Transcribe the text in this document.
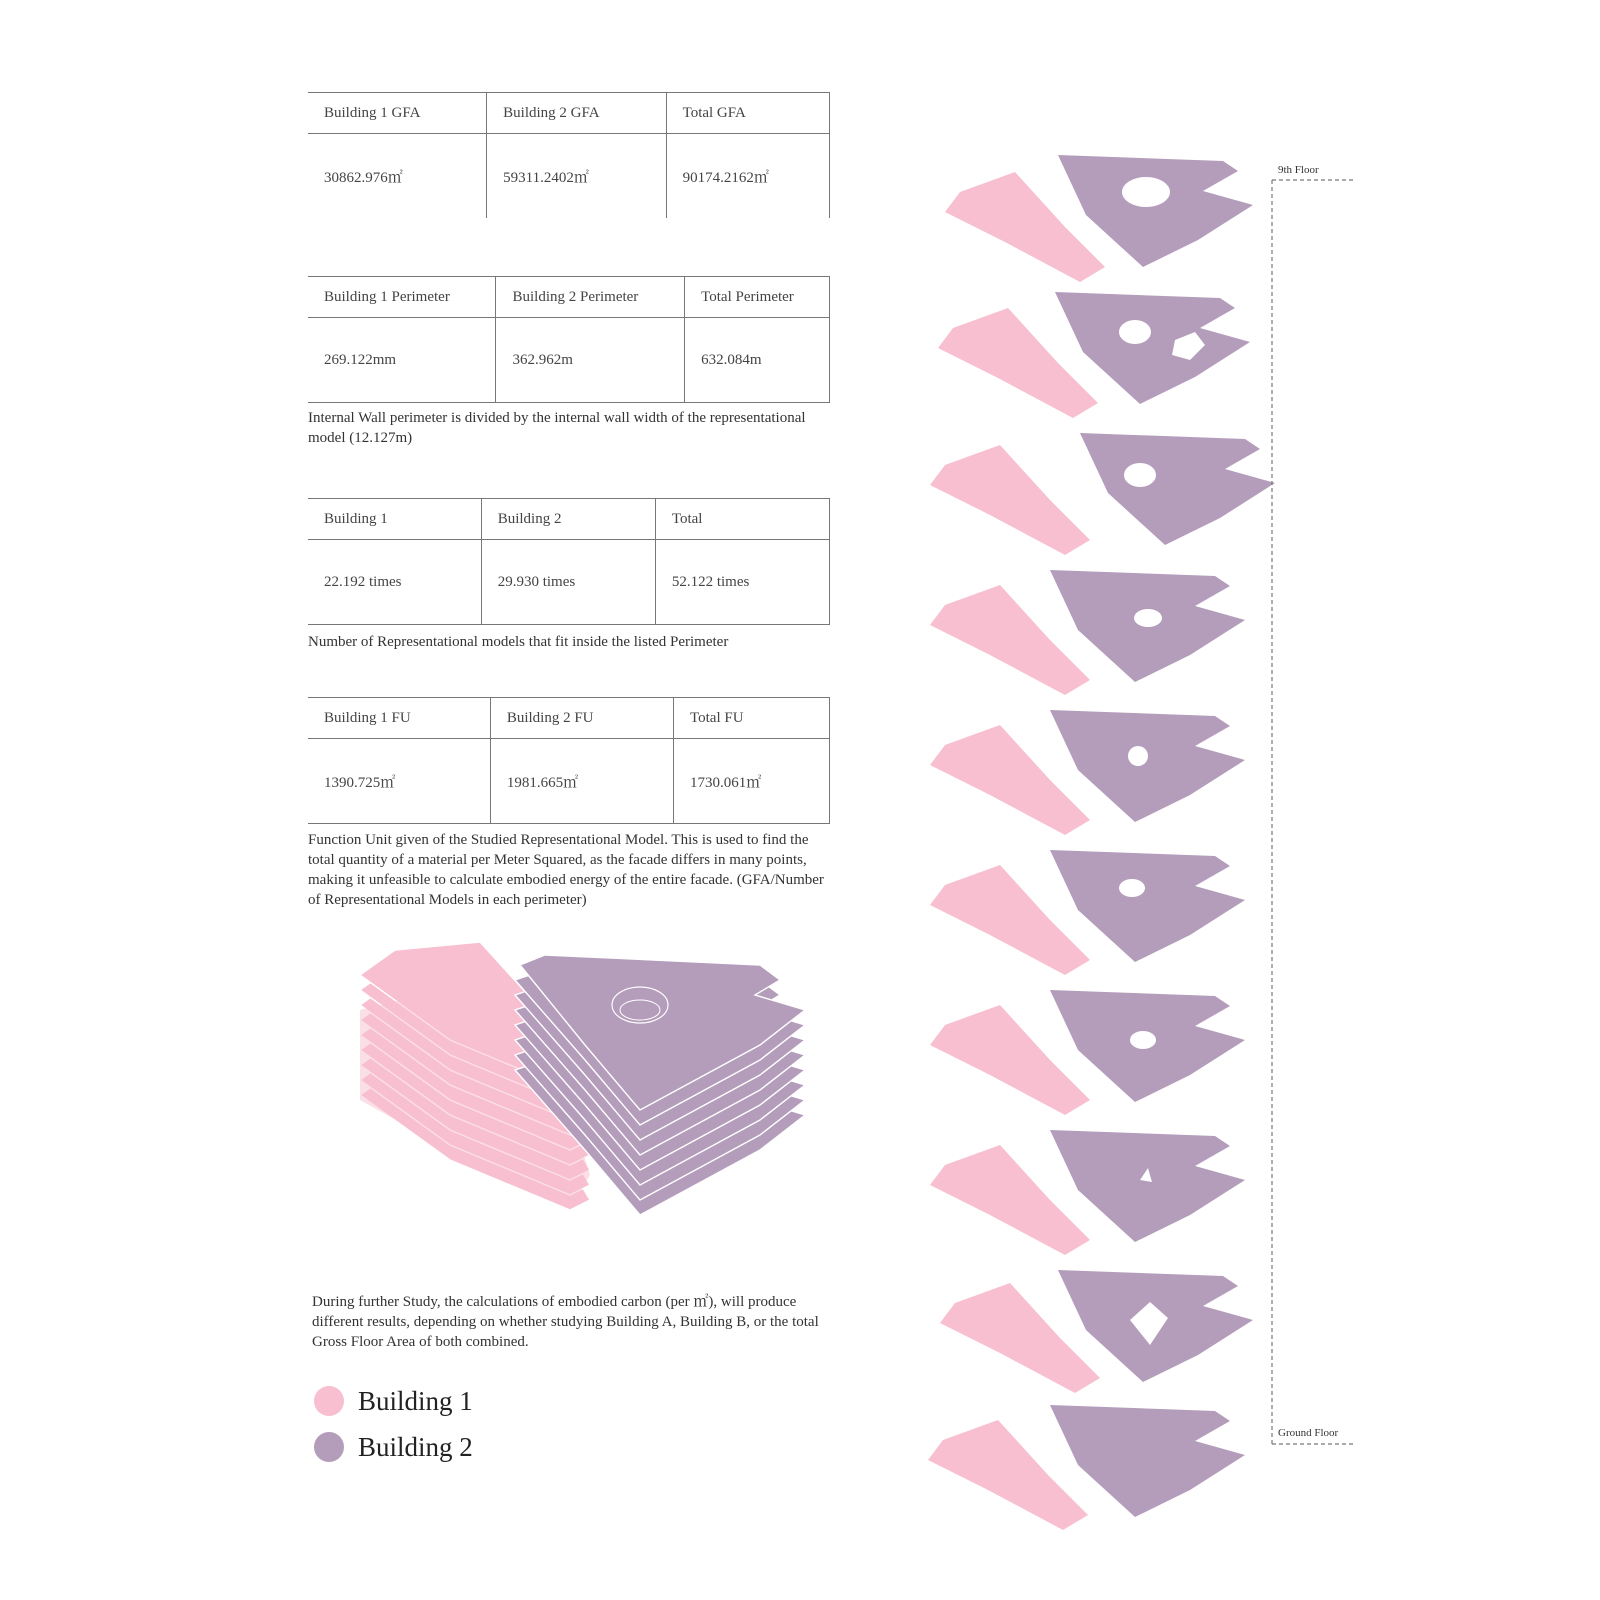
Building 1 GFA	Building 2 GFA	Total GFA
30862.976㎡	59311.2402㎡	90174.2162㎡
Building 1 Perimeter	Building 2 Perimeter	Total Perimeter
269.122mm	362.962m	632.084m
Internal Wall perimeter is divided by the internal wall width of the representational model (12.127m)
Building 1	Building 2	Total
22.192 times	29.930 times	52.122 times
Number of Representational models that fit inside the listed Perimeter
Building 1 FU	Building 2 FU	Total FU
1390.725㎡	1981.665㎡	1730.061㎡
Function Unit given of the Studied Representational Model. This is used to find the total quantity of a material per Meter Squared, as the facade differs in many points, making it unfeasible to calculate embodied energy of the entire facade. (GFA/Number of Representational Models in each perimeter)
During further Study, the calculations of embodied carbon (per ㎡), will produce different results, depending on whether studying Building A, Building B, or the total Gross Floor Area of both combined.
Building 1
Building 2
9th Floor
Ground Floor
